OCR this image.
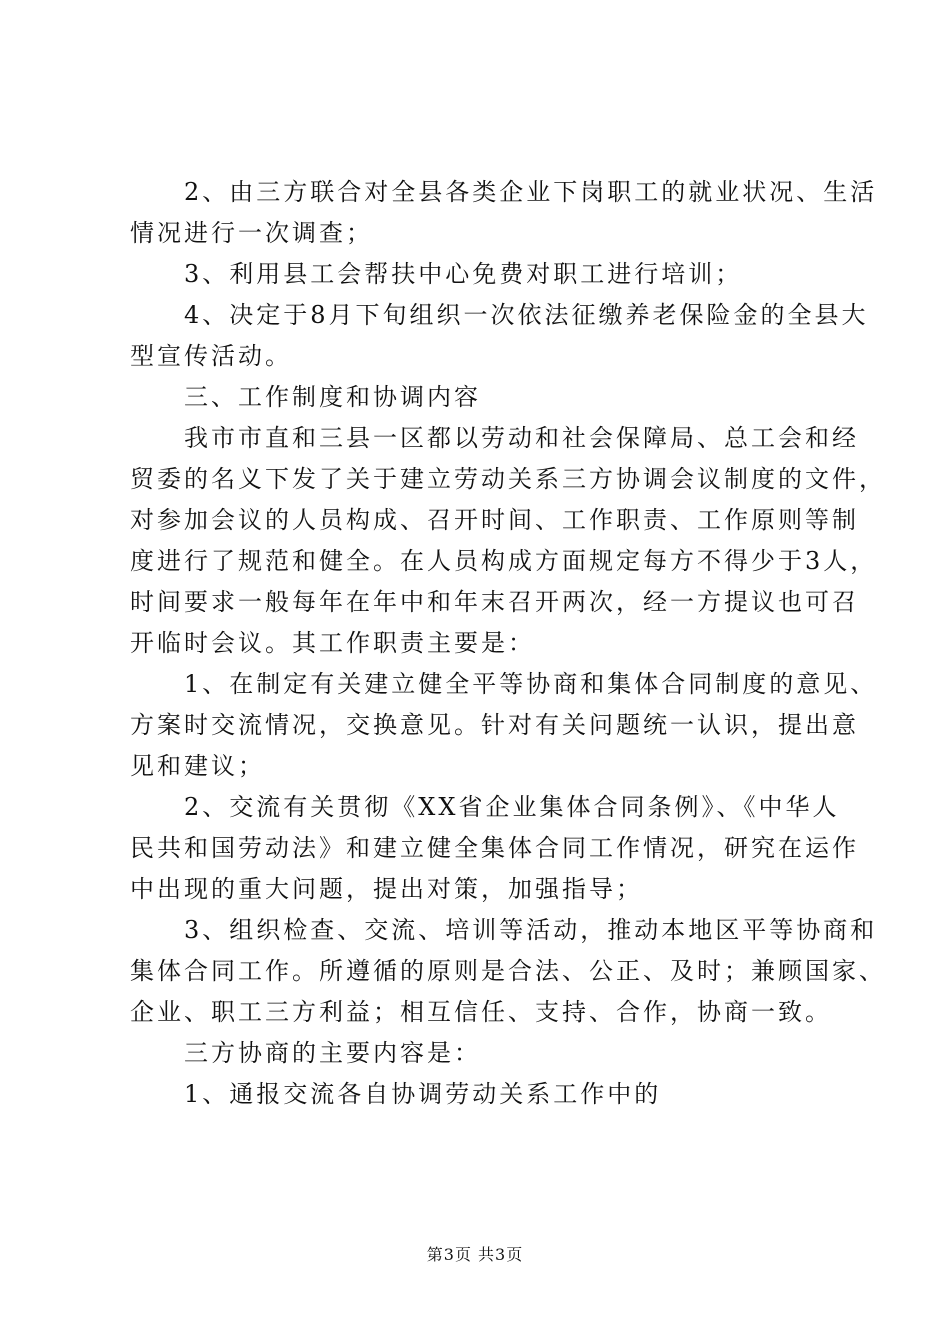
　　2、由三方联合对全县各类企业下岗职工的就业状况、生活
情况进行一次调查；
　　3、利用县工会帮扶中心免费对职工进行培训；
　　4、决定于8月下旬组织一次依法征缴养老保险金的全县大
型宣传活动。
　　三、工作制度和协调内容
　　我市市直和三县一区都以劳动和社会保障局、总工会和经
贸委的名义下发了关于建立劳动关系三方协调会议制度的文件，
对参加会议的人员构成、召开时间、工作职责、工作原则等制
度进行了规范和健全。在人员构成方面规定每方不得少于3人，
时间要求一般每年在年中和年末召开两次，经一方提议也可召
开临时会议。其工作职责主要是：
　　1、在制定有关建立健全平等协商和集体合同制度的意见、
方案时交流情况，交换意见。针对有关问题统一认识，提出意
见和建议；
　　2、交流有关贯彻《XX省企业集体合同条例》、《中华人
民共和国劳动法》和建立健全集体合同工作情况，研究在运作
中出现的重大问题，提出对策，加强指导；
　　3、组织检查、交流、培训等活动，推动本地区平等协商和
集体合同工作。所遵循的原则是合法、公正、及时；兼顾国家、
企业、职工三方利益；相互信任、支持、合作，协商一致。
　　三方协商的主要内容是：
　　1、通报交流各自协调劳动关系工作中的
第3页 共3页
